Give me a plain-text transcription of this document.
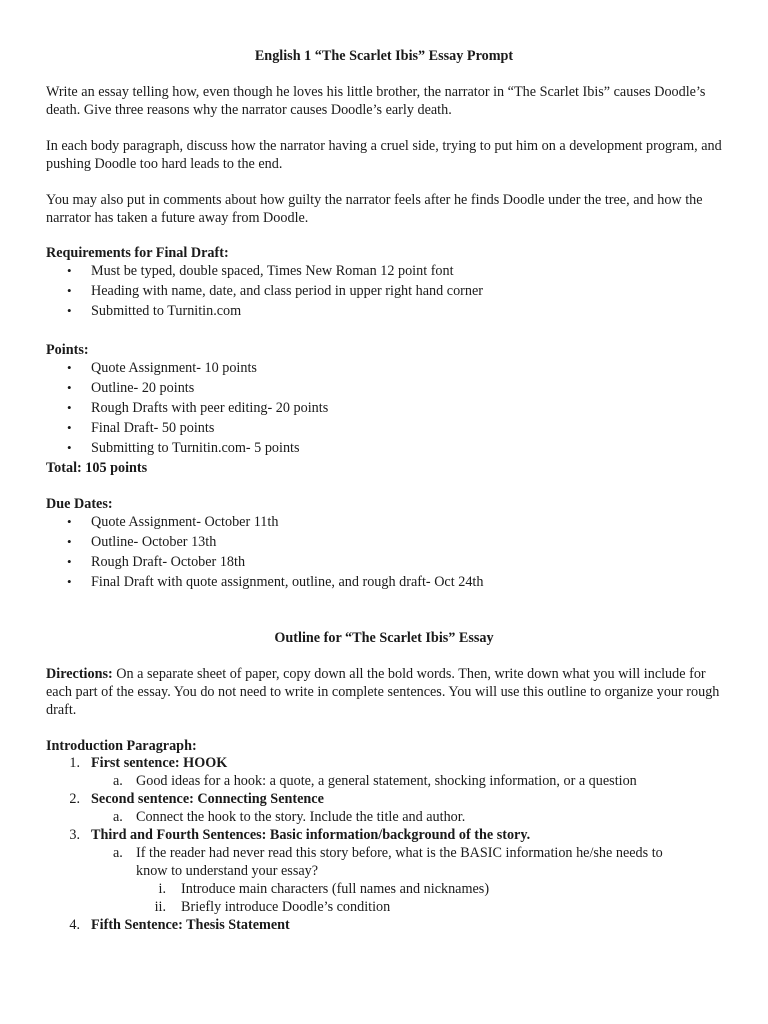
English 1 “The Scarlet Ibis” Essay Prompt

Write an essay telling how, even though he loves his little brother, the narrator in “The Scarlet Ibis” causes Doodle’s death. Give three reasons why the narrator causes Doodle’s early death.

In each body paragraph, discuss how the narrator having a cruel side, trying to put him on a development program, and pushing Doodle too hard leads to the end.

You may also put in comments about how guilty the narrator feels after he finds Doodle under the tree, and how the narrator has taken a future away from Doodle.

Requirements for Final Draft:

• Must be typed, double spaced, Times New Roman 12 point font
• Heading with name, date, and class period in upper right hand corner
• Submitted to Turnitin.com

Points:

• Quote Assignment- 10 points
• Outline- 20 points
• Rough Drafts with peer editing- 20 points
• Final Draft- 50 points
• Submitting to Turnitin.com- 5 points

Total: 105 points

Due Dates:

• Quote Assignment- October 11th
• Outline- October 13th
• Rough Draft- October 18th
• Final Draft with quote assignment, outline, and rough draft- Oct 24th

Outline for “The Scarlet Ibis” Essay

Directions: On a separate sheet of paper, copy down all the bold words. Then, write down what you will include for each part of the essay. You do not need to write in complete sentences. You will use this outline to organize your rough draft.

Introduction Paragraph:

1. First sentence: HOOK
a. Good ideas for a hook: a quote, a general statement, shocking information, or a question
2. Second sentence: Connecting Sentence
a. Connect the hook to the story. Include the title and author.
3. Third and Fourth Sentences: Basic information/background of the story.
a. If the reader had never read this story before, what is the BASIC information he/she needs to
know to understand your essay?
i. Introduce main characters (full names and nicknames)
ii. Briefly introduce Doodle’s condition
4. Fifth Sentence: Thesis Statement
